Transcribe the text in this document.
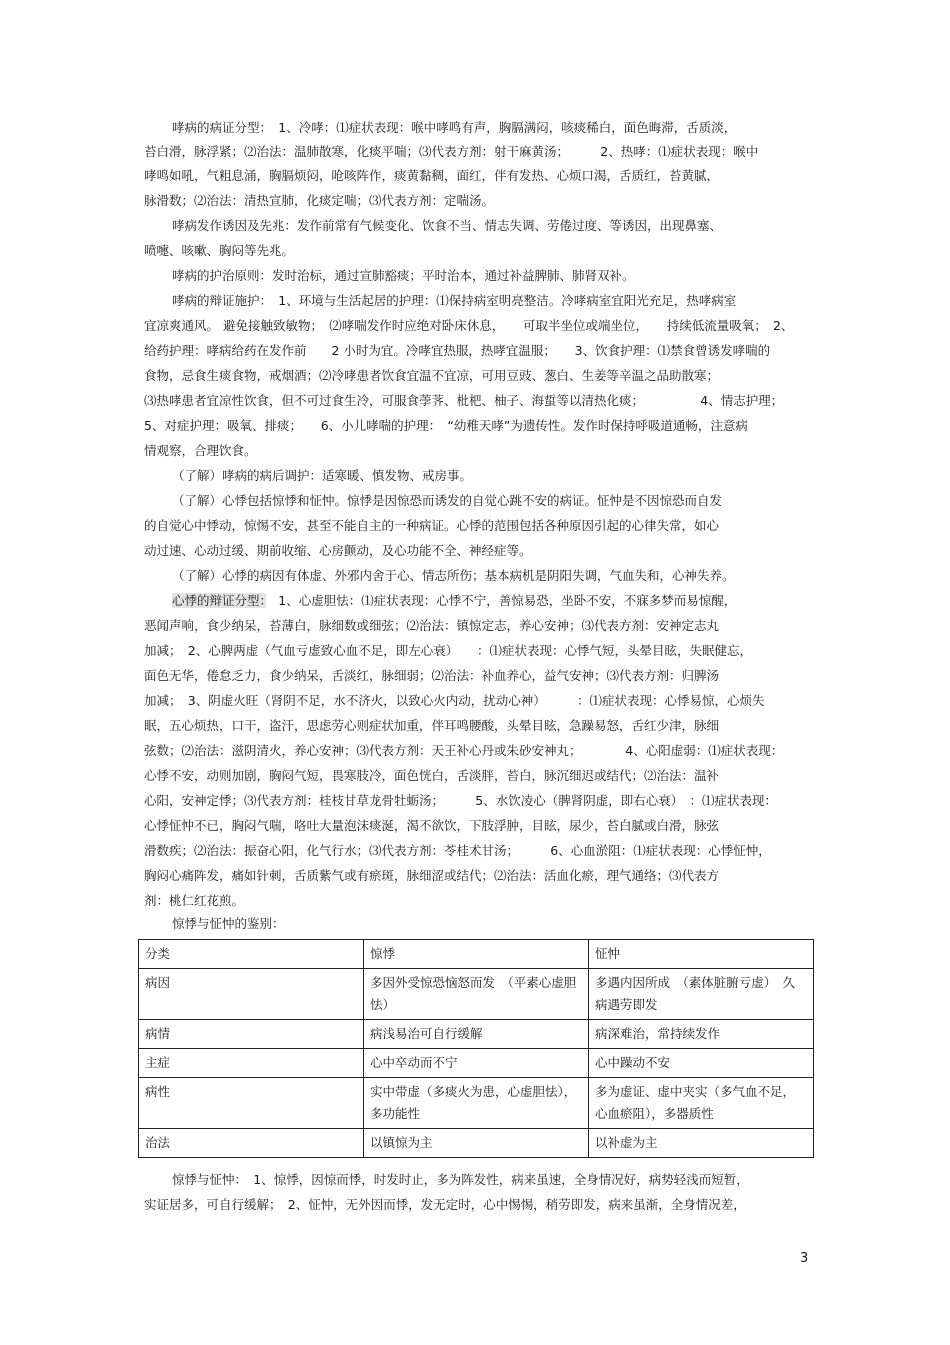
哮病的病证分型：　1、冷哮：⑴症状表现：喉中哮鸣有声，胸膈满闷，咳痰稀白，面色晦滞，舌质淡，
苔白滑，脉浮紧；⑵治法：温肺散寒，化痰平喘；⑶代表方剂：射干麻黄汤；　　　2、热哮：⑴症状表现：喉中
哮鸣如吼，气粗息涌，胸膈烦闷，呛咳阵作，痰黄黏稠，面红，伴有发热、心烦口渴，舌质红，苔黄腻，
脉滑数；⑵治法：清热宣肺，化痰定喘；⑶代表方剂：定喘汤。
哮病发作诱因及先兆：发作前常有气候变化、饮食不当、情志失调、劳倦过度、等诱因，出现鼻塞、
喷嚏、咳嗽、胸闷等先兆。
哮病的护治原则：发时治标，通过宣肺豁痰；平时治本，通过补益脾肺、肺肾双补。
哮病的辩证施护：　1、环境与生活起居的护理：⑴保持病室明亮整洁。冷哮病室宜阳光充足，热哮病室
宜凉爽通风。 避免接触致敏物；　⑵哮喘发作时应绝对卧床休息，　　可取半坐位或端坐位，　　持续低流量吸氧；　2、
给药护理：哮病给药在发作前　　2 小时为宜。冷哮宜热服，热哮宜温服；　　3、饮食护理：⑴禁食曾诱发哮喘的
食物，忌食生痰食物，戒烟酒；⑵冷哮患者饮食宜温不宜凉，可用豆豉、葱白、生姜等辛温之品助散寒；
⑶热哮患者宜凉性饮食，但不可过食生冷，可服食荸荠、枇杷、柚子、海蜇等以清热化痰；　　　　　4、情志护理；
5、对症护理：吸氧、排痰；　　6、小儿哮喘的护理：　“幼稚天哮”为遗传性。发作时保持呼吸道通畅，注意病
情观察，合理饮食。
（了解）哮病的病后调护：适寒暖、慎发物、戒房事。
（了解）心悸包括惊悸和怔忡。惊悸是因惊恐而诱发的自觉心跳不安的病证。怔忡是不因惊恐而自发
的自觉心中悸动，惊惕不安，甚至不能自主的一种病证。心悸的范围包括各种原因引起的心律失常，如心
动过速、心动过缓、期前收缩、心房颤动，及心功能不全、神经症等。
（了解）心悸的病因有体虚、外邪内舍于心、情志所伤；基本病机是阴阳失调，气血失和，心神失养。
心悸的辩证分型：　1、心虚胆怯：⑴症状表现：心悸不宁，善惊易恐，坐卧不安，不寐多梦而易惊醒，
恶闻声响，食少纳呆，苔薄白，脉细数或细弦；⑵治法：镇惊定志，养心安神；⑶代表方剂：安神定志丸
加减；　2、心脾两虚（气血亏虚致心血不足，即左心衰）　　：⑴症状表现：心悸气短，头晕目眩，失眠健忘，
面色无华，倦怠乏力，食少纳呆，舌淡红，脉细弱；⑵治法：补血养心，益气安神；⑶代表方剂：归脾汤
加减；　3、阴虚火旺（肾阴不足，水不济火，以致心火内动，扰动心神）　　　：⑴症状表现：心悸易惊，心烦失
眠，五心烦热，口干，盗汗，思虑劳心则症状加重，伴耳鸣腰酸，头晕目眩，急躁易怒，舌红少津，脉细
弦数；⑵治法：滋阴清火，养心安神；⑶代表方剂：天王补心丹或朱砂安神丸；　　　　4、心阳虚弱：⑴症状表现：
心悸不安，动则加剧，胸闷气短，畏寒肢冷，面色恍白，舌淡胖，苔白，脉沉细迟或结代；⑵治法：温补
心阳，安神定悸；⑶代表方剂：桂枝甘草龙骨牡蛎汤；　　　5、水饮凌心（脾肾阴虚，即右心衰）　：⑴症状表现：
心悸怔忡不已，胸闷气喘，咯吐大量泡沫痰涎，渴不欲饮，下肢浮肿，目眩，尿少，苔白腻或白滑，脉弦
滑数疾；⑵治法：振奋心阳，化气行水；⑶代表方剂：苓桂术甘汤；　　　6、心血淤阻：⑴症状表现：心悸怔忡，
胸闷心痛阵发，痛如针刺，舌质紫气或有瘀斑，脉细涩或结代；⑵治法：活血化瘀，理气通络；⑶代表方
剂：桃仁红花煎。
惊悸与怔忡的鉴别：
分类	惊悸	怔忡
病因	多因外受惊恐恼怒而发　（平素心虚胆怯）	多遇内因所成　（素体脏腑亏虚）　久病遇劳即发
病情	病浅易治可自行缓解	病深难治，常持续发作
主症	心中卒动而不宁	心中躁动不安
病性	实中带虚（多痰火为患，心虚胆怯），多功能性	多为虚证、虚中夹实（多气血不足，心血瘀阻），多器质性
治法	以镇惊为主	以补虚为主
惊悸与怔忡：　1、惊悸，因惊而悸，时发时止，多为阵发性，病来虽速，全身情况好，病势轻浅而短暂，
实证居多，可自行缓解；　2、怔忡，无外因而悸，发无定时，心中惕惕，稍劳即发，病来虽渐，全身情况差，
3
